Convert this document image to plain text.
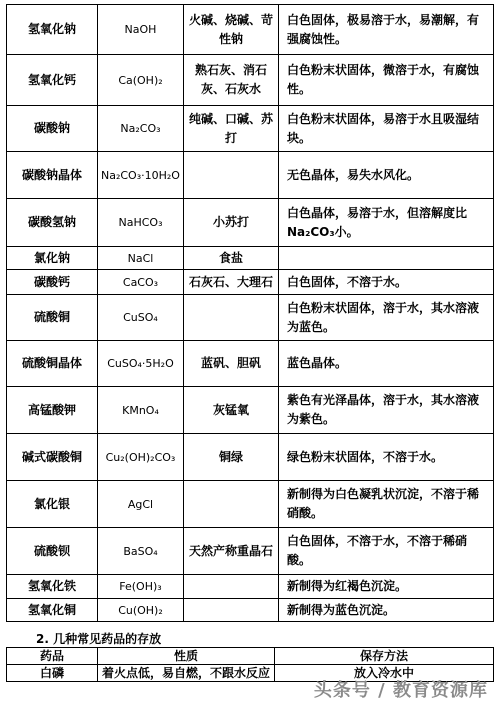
氢氧化钠	NaOH	火碱、烧碱、苛性钠	白色固体，极易溶于水，易潮解，有强腐蚀性。
氢氧化钙	Ca(OH)₂	熟石灰、消石灰、石灰水	白色粉末状固体，微溶于水，有腐蚀性。
碳酸钠	Na₂CO₃	纯碱、口碱、苏打	白色粉末状固体，易溶于水且吸湿结块。
碳酸钠晶体	Na₂CO₃·10H₂O		无色晶体，易失水风化。
碳酸氢钠	NaHCO₃	小苏打	白色晶体，易溶于水，但溶解度比Na₂CO₃小。
氯化钠	NaCl	食盐	
碳酸钙	CaCO₃	石灰石、大理石	白色固体，不溶于水。
硫酸铜	CuSO₄		白色粉末状固体，溶于水，其水溶液为蓝色。
硫酸铜晶体	CuSO₄·5H₂O	蓝矾、胆矾	蓝色晶体。
高锰酸钾	KMnO₄	灰锰氧	紫色有光泽晶体，溶于水，其水溶液为紫色。
碱式碳酸铜	Cu₂(OH)₂CO₃	铜绿	绿色粉末状固体，不溶于水。
氯化银	AgCl		新制得为白色凝乳状沉淀，不溶于稀硝酸。
硫酸钡	BaSO₄	天然产称重晶石	白色固体，不溶于水，不溶于稀硝酸。
氢氧化铁	Fe(OH)₃		新制得为红褐色沉淀。
氢氧化铜	Cu(OH)₂		新制得为蓝色沉淀。
2. 几种常见药品的存放
药品	性质	保存方法
白磷	着火点低，易自燃，不跟水反应	放入冷水中
头条号 / 教育资源库
